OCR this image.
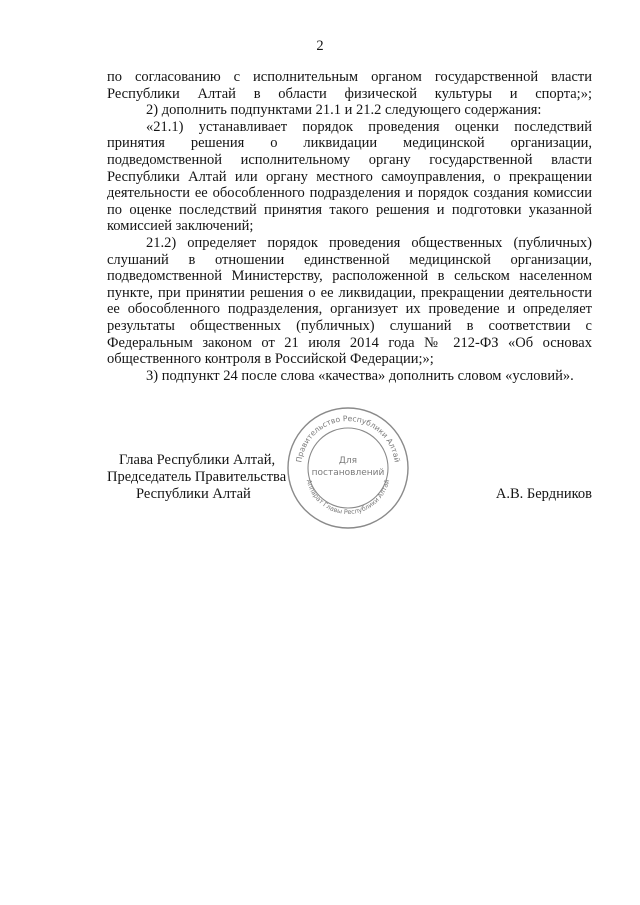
2

по согласованию с исполнительным органом государственной власти Республики Алтай в области физической культуры и спорта;»;

2) дополнить подпунктами 21.1 и 21.2 следующего содержания:

«21.1) устанавливает порядок проведения оценки последствий принятия решения о ликвидации медицинской организации, подведомственной исполнительному органу государственной власти Республики Алтай или органу местного самоуправления, о прекращении деятельности ее обособленного подразделения и порядок создания комиссии по оценке последствий принятия такого решения и подготовки указанной комиссией заключений;

21.2) определяет порядок проведения общественных (публичных) слушаний в отношении единственной медицинской организации, подведомственной Министерству, расположенной в сельском населенном пункте, при принятии решения о ее ликвидации, прекращении деятельности ее обособленного подразделения, организует их проведение и определяет результаты общественных (публичных) слушаний в соответствии с Федеральным законом от 21 июля 2014 года № 212-ФЗ «Об основах общественного контроля в Российской Федерации;»;

3) подпункт 24 после слова «качества» дополнить словом «условий».

Глава Республики Алтай,
Председатель Правительства
Республики Алтай
Правительство Республики Алтай
Аппарат Главы Республики Алтай
Для
постановлений
А.В. Бердников
